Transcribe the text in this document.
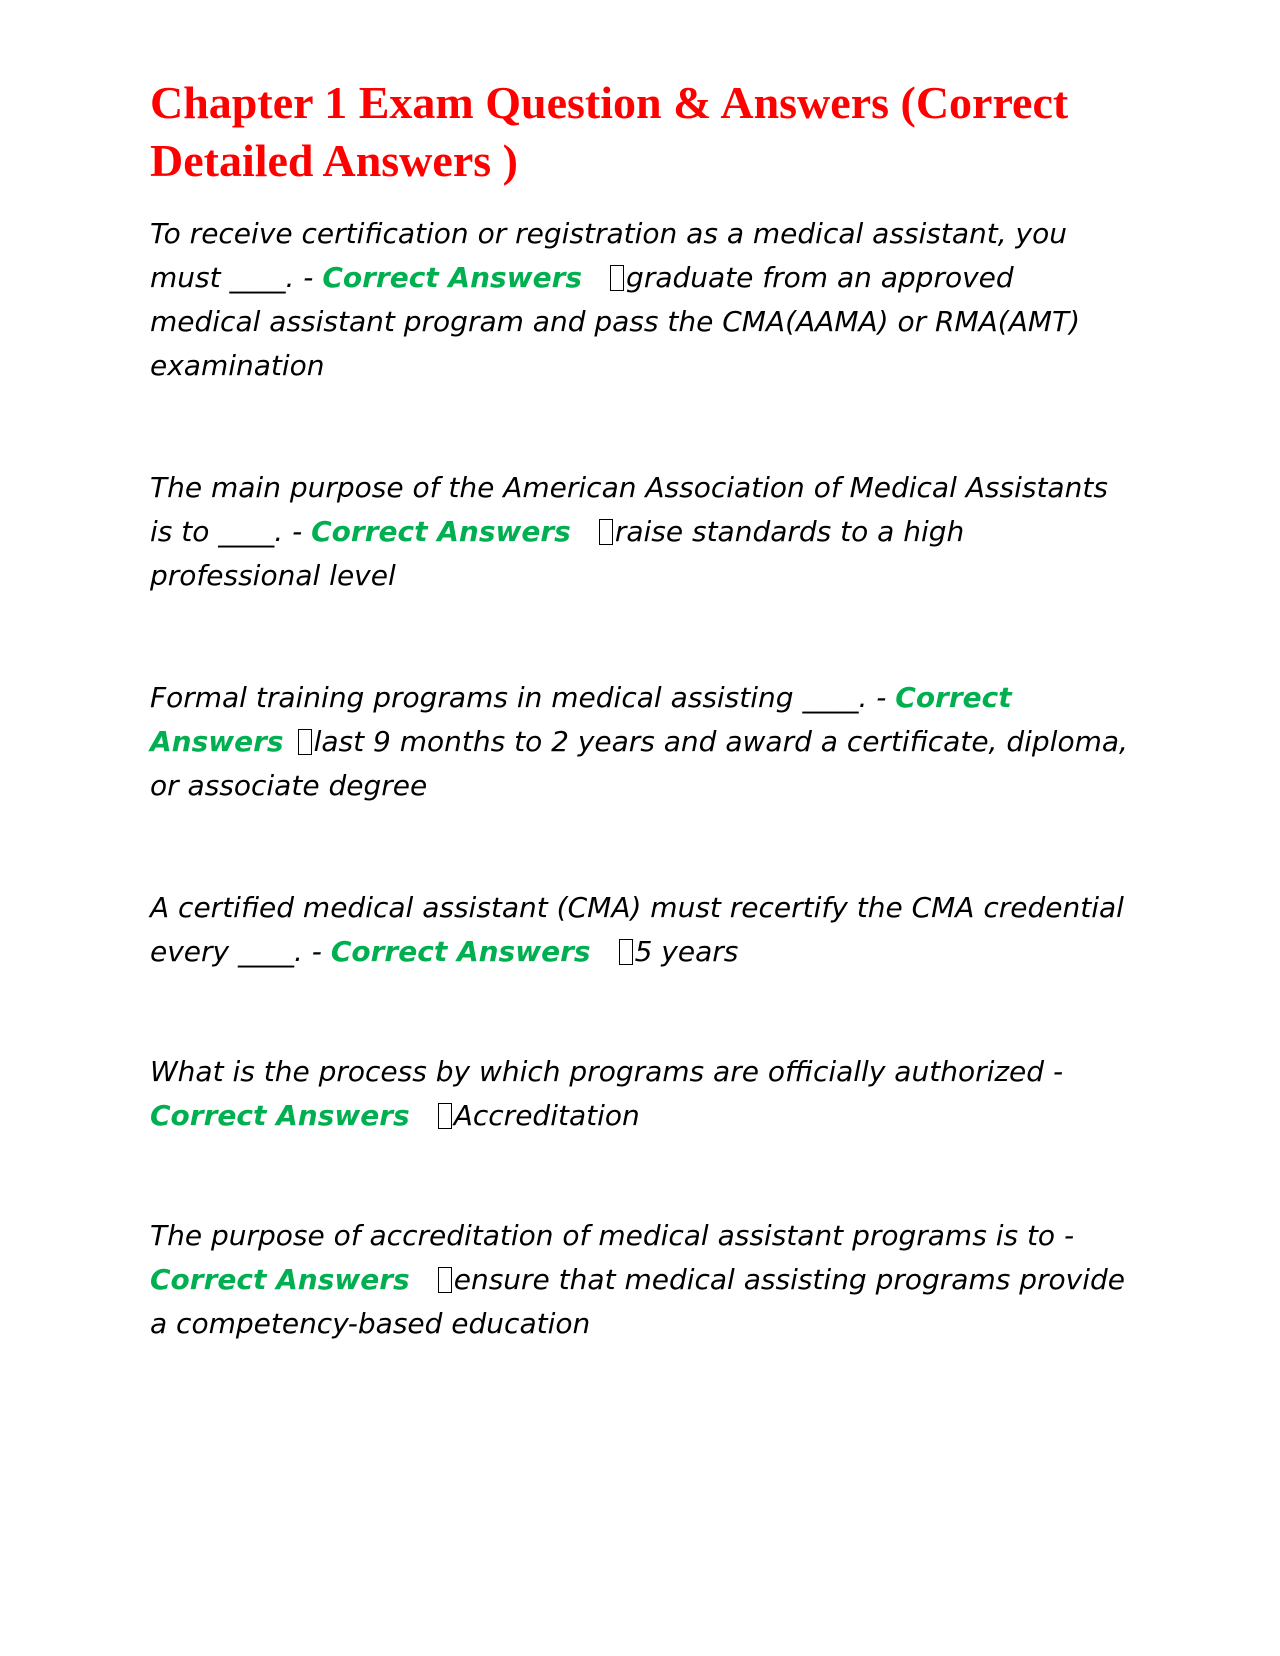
Chapter 1 Exam Question & Answers (Correct Detailed Answers )

To receive certification or registration as a medical assistant, you must ____. - Correct Answers graduate from an approved medical assistant program and pass the CMA(AAMA) or RMA(AMT) examination

The main purpose of the American Association of Medical Assistants is to ____. - Correct Answers raise standards to a high professional level

Formal training programs in medical assisting ____. - Correct Answers last 9 months to 2 years and award a certificate, diploma, or associate degree

A certified medical assistant (CMA) must recertify the CMA credential every ____. - Correct Answers 5 years

What is the process by which programs are officially authorized - Correct Answers Accreditation

The purpose of accreditation of medical assistant programs is to - Correct Answers ensure that medical assisting programs provide a competency-based education
